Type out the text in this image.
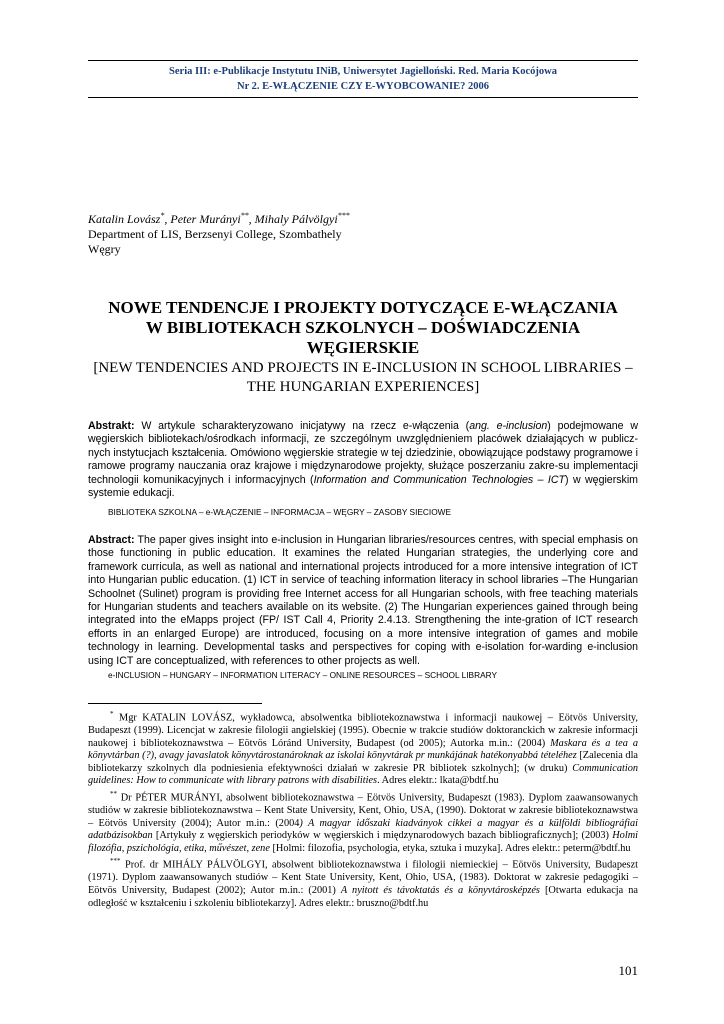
Seria III: e-Publikacje Instytutu INiB, Uniwersytet Jagielloński. Red. Maria Kocójowa
Nr 2. E-WŁĄCZENIE CZY E-WYOBCOWANIE? 2006
Katalin Lovász*, Peter Murányi**, Mihaly Pálvölgyi***
Department of LIS, Berzsenyi College, Szombathely
Węgry
NOWE TENDENCJE I PROJEKTY DOTYCZĄCE E-WŁĄCZANIA
W BIBLIOTEKACH SZKOLNYCH – DOŚWIADCZENIA
WĘGIERSKIE
[NEW TENDENCIES AND PROJECTS IN E-INCLUSION IN SCHOOL LIBRARIES –
THE HUNGARIAN EXPERIENCES]
Abstrakt: W artykule scharakteryzowano inicjatywy na rzecz e-włączenia (ang. e-inclusion) podejmowane w węgierskich bibliotekach/ośrodkach informacji, ze szczególnym uwzględnieniem placówek działających w publicz-nych instytucjach kształcenia. Omówiono węgierskie strategie w tej dziedzinie, obowiązujące podstawy programowe i ramowe programy nauczania oraz krajowe i międzynarodowe projekty, służące poszerzaniu zakre-su implementacji technologii komunikacyjnych i informacyjnych (Information and Communication Technologies – ICT) w węgierskim systemie edukacji.
BIBLIOTEKA SZKOLNA – e-WŁĄCZENIE – INFORMACJA – WĘGRY – ZASOBY SIECIOWE
Abstract: The paper gives insight into e-inclusion in Hungarian libraries/resources centres, with special emphasis on those functioning in public education. It examines the related Hungarian strategies, the underlying core and framework curricula, as well as national and international projects introduced for a more intensive integration of ICT into Hungarian public education. (1) ICT in service of teaching information literacy in school libraries –The Hungarian Schoolnet (Sulinet) program is providing free Internet access for all Hungarian schools, with free teaching materials for Hungarian students and teachers available on its website. (2) The Hungarian experiences gained through being integrated into the eMapps project (FP/ IST Call 4, Priority 2.4.13. Strengthening the inte-gration of ICT research efforts in an enlarged Europe) are introduced, focusing on a more intensive integration of games and mobile technology in learning. Developmental tasks and perspectives for coping with e-isolation for-warding e-inclusion using ICT are conceptualized, with references to other projects as well.
e-INCLUSION – HUNGARY – INFORMATION LITERACY – ONLINE RESOURCES – SCHOOL LIBRARY

* Mgr KATALIN LOVÁSZ, wykładowca, absolwentka bibliotekoznawstwa i informacji naukowej – Eötvös University, Budapeszt (1999). Licencjat w zakresie filologii angielskiej (1995). Obecnie w trakcie studiów doktoranckich w zakresie informacji naukowej i bibliotekoznawstwa – Eötvös Lóránd University, Budapest (od 2005); Autorka m.in.: (2004) Maskara és a tea a könyvtárban (?), avagy javaslatok könyvtárostanároknak az iskolai könyvtárak pr munkájának hatékonyabbá tételéhez [Zalecenia dla bibliotekarzy szkolnych dla podniesienia efektywności działań w zakresie PR bibliotek szkolnych]; (w druku) Communication guidelines: How to communicate with library patrons with disabilities. Adres elektr.: lkata@bdtf.hu

** Dr PÉTER MURÁNYI, absolwent bibliotekoznawstwa – Eötvös University, Budapeszt (1983). Dyplom zaawansowanych studiów w zakresie bibliotekoznawstwa – Kent State University, Kent, Ohio, USA, (1990). Doktorat w zakresie bibliotekoznawstwa – Eötvös University (2004); Autor m.in.: (2004) A magyar időszaki kiadványok cikkei a magyar és a külföldi bibliográfiai adatbázisokban [Artykuły z węgierskich periodyków w węgierskich i międzynarodowych bazach bibliograficznych]; (2003) Holmi filozófia, pszichológia, etika, művészet, zene [Holmi: filozofia, psychologia, etyka, sztuka i muzyka]. Adres elektr.: peterm@bdtf.hu

*** Prof. dr MIHÁLY PÁLVÖLGYI, absolwent bibliotekoznawstwa i filologii niemieckiej – Eötvös University, Budapeszt (1971). Dyplom zaawansowanych studiów – Kent State University, Kent, Ohio, USA, (1983). Doktorat w zakresie pedagogiki – Eötvös University, Budapest (2002); Autor m.in.: (2001) A nyitott és távoktatás és a könyvtárosképzés [Otwarta edukacja na odległość w kształceniu i szkoleniu bibliotekarzy]. Adres elektr.: bruszno@bdtf.hu

101
